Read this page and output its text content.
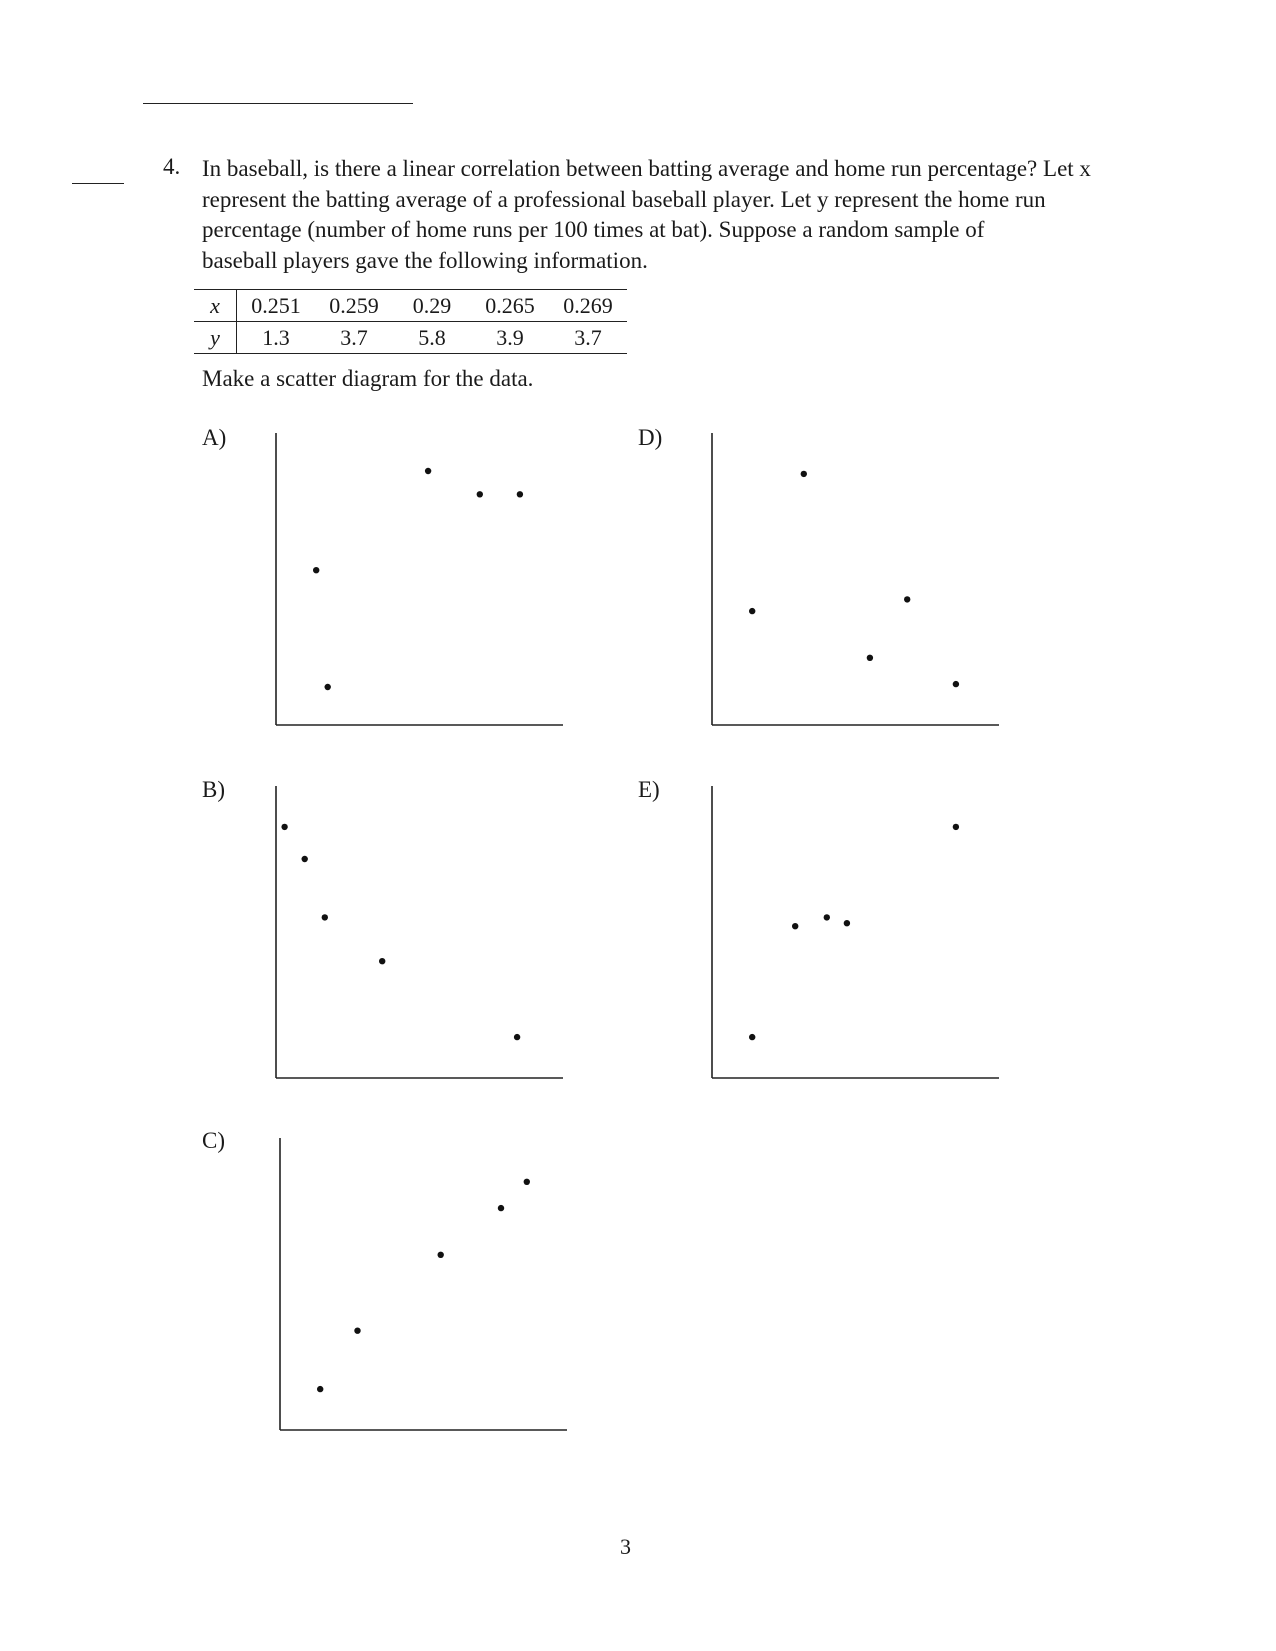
4. In baseball, is there a linear correlation between batting average and home run percentage? Let x
represent the batting average of a professional baseball player. Let y represent the home run
percentage (number of home runs per 100 times at bat). Suppose a random sample of
baseball players gave the following information.
x	0.251	0.259	0.29	0.265	0.269
y	1.3	3.7	5.8	3.9	3.7
Make a scatter diagram for the data.
A)	D)
B)	E)
C)
3
